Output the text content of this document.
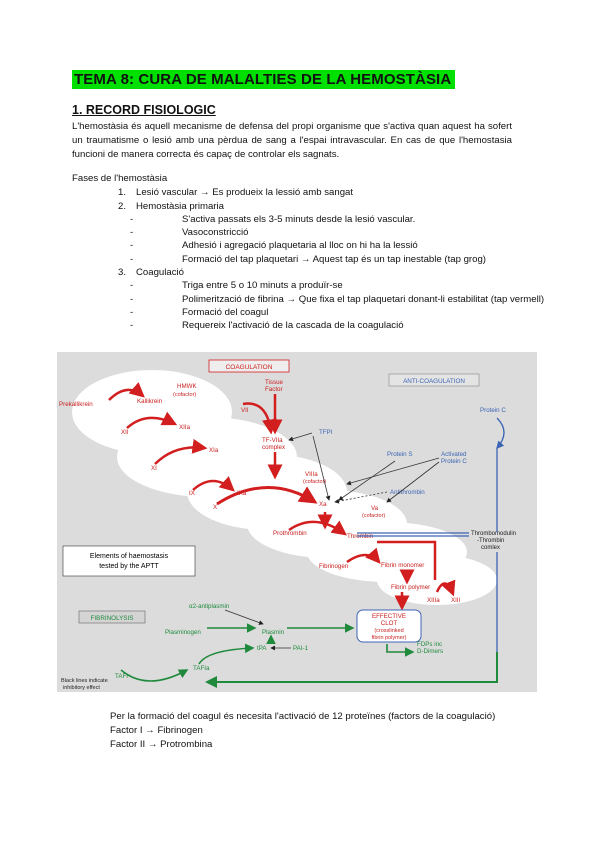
TEMA 8: CURA DE MALALTIES DE LA HEMOSTÀSIA
1. RECORD FISIOLOGIC
L'hemostàsia és aquell mecanisme de defensa del propi organisme que s'activa quan aquest ha sofert un traumatisme o lesió amb una pèrdua de sang a l'espai intravascular. En cas de que l'hemostasia funcioni de manera correcta és capaç de controlar els sagnats.
Fases de l'hemostàsia
1. Lesió vascular → Es produeix la lessió amb sangat
2. Hemostàsia primaria
-	S'activa passats els 3-5 minuts desde la lesió vascular.
-	Vasoconstricció
-	Adhesió i agregació plaquetaria al lloc on hi ha la lessió
-	Formació del tap plaquetari → Aquest tap és un tap inestable (tap grog)
3. Coagulació
-	Triga entre 5 o 10 minuts a produïr-se
-	Polimerització de fibrina → Que fixa el tap plaquetari donant-li estabilitat (tap vermell)
-	Formació del coagul
-	Requereix l'activació de la cascada de la coagulació
COAGULATION
ANTI-COAGULATION
Elements of haemostasis
tested by the APTT
Prekallikrein	Kallikrein
HMWK
(cofactor)
XII
XIIa
XI
XIa
IX	IXa
Tissue
Factor
VII
TF-VIIa
complex
VIIIa
(cofactor)
X	Xa
Va
(cofactor)
Prothrombin	Thrombin
Fibrinogen	Fibrin monomer
Fibrin polymer
XIIIa XIII
Protein C
Protein S	Activated
Protein C
Antithrombin
TFPI
Thrombomodulin
-Thrombin
comlex
FIBRINOLYSIS
α2-antiplasmin
Plasminogen	Plasmin
tPA	PAI-1
TAFI
TAFIa
FDPs inc
D-Dimers
EFFECTIVE
CLOT
(crosslinked
fibrin polymer)
Black lines indicate
inhibitory effect
Per la formació del coagul és necesita l'activació de 12 proteïnes (factors de la coagulació)
Factor I → Fibrinogen
Factor II → Protrombina
